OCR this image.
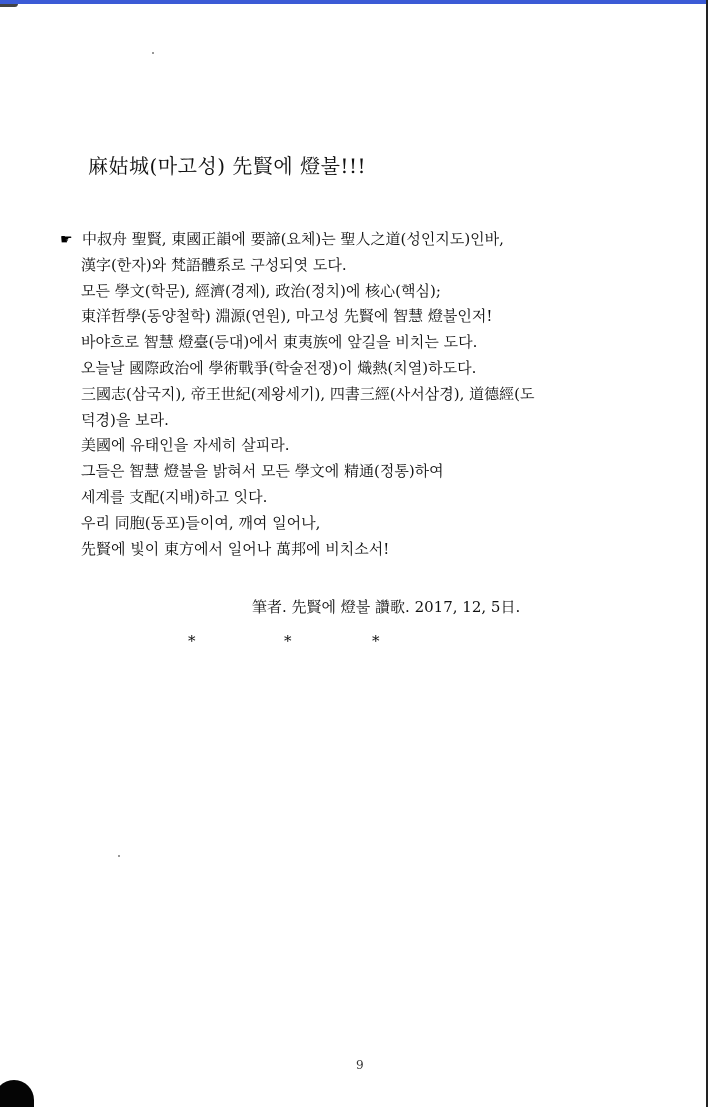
麻姑城(마고성) 先賢에 燈불!!!
☛ 中叔舟 聖賢, 東國正韻에 要諦(요체)는 聖人之道(성인지도)인바,
漢字(한자)와 梵語體系로 구성되엿 도다.
모든 學文(학문), 經濟(경제), 政治(정치)에 核心(핵심);
東洋哲學(동양철학) 淵源(연원), 마고성 先賢에 智慧 燈불인저!
바야흐로 智慧 燈臺(등대)에서 東夷族에 앞길을 비치는 도다.
오늘날 國際政治에 學術戰爭(학술전쟁)이 熾熱(치열)하도다.
三國志(삼국지), 帝王世紀(제왕세기), 四書三經(사서삼경), 道德經(도
덕경)을 보라.
美國에 유태인을 자세히 살피라.
그들은 智慧 燈불을 밝혀서 모든 學文에 精通(정통)하여
세계를 支配(지배)하고 잇다.
우리 同胞(동포)들이여, 깨여 일어나,
先賢에 빛이 東方에서 일어나 萬邦에 비치소서!
筆者. 先賢에 燈불 讚歌. 2017, 12, 5日.
*	*	*
9
